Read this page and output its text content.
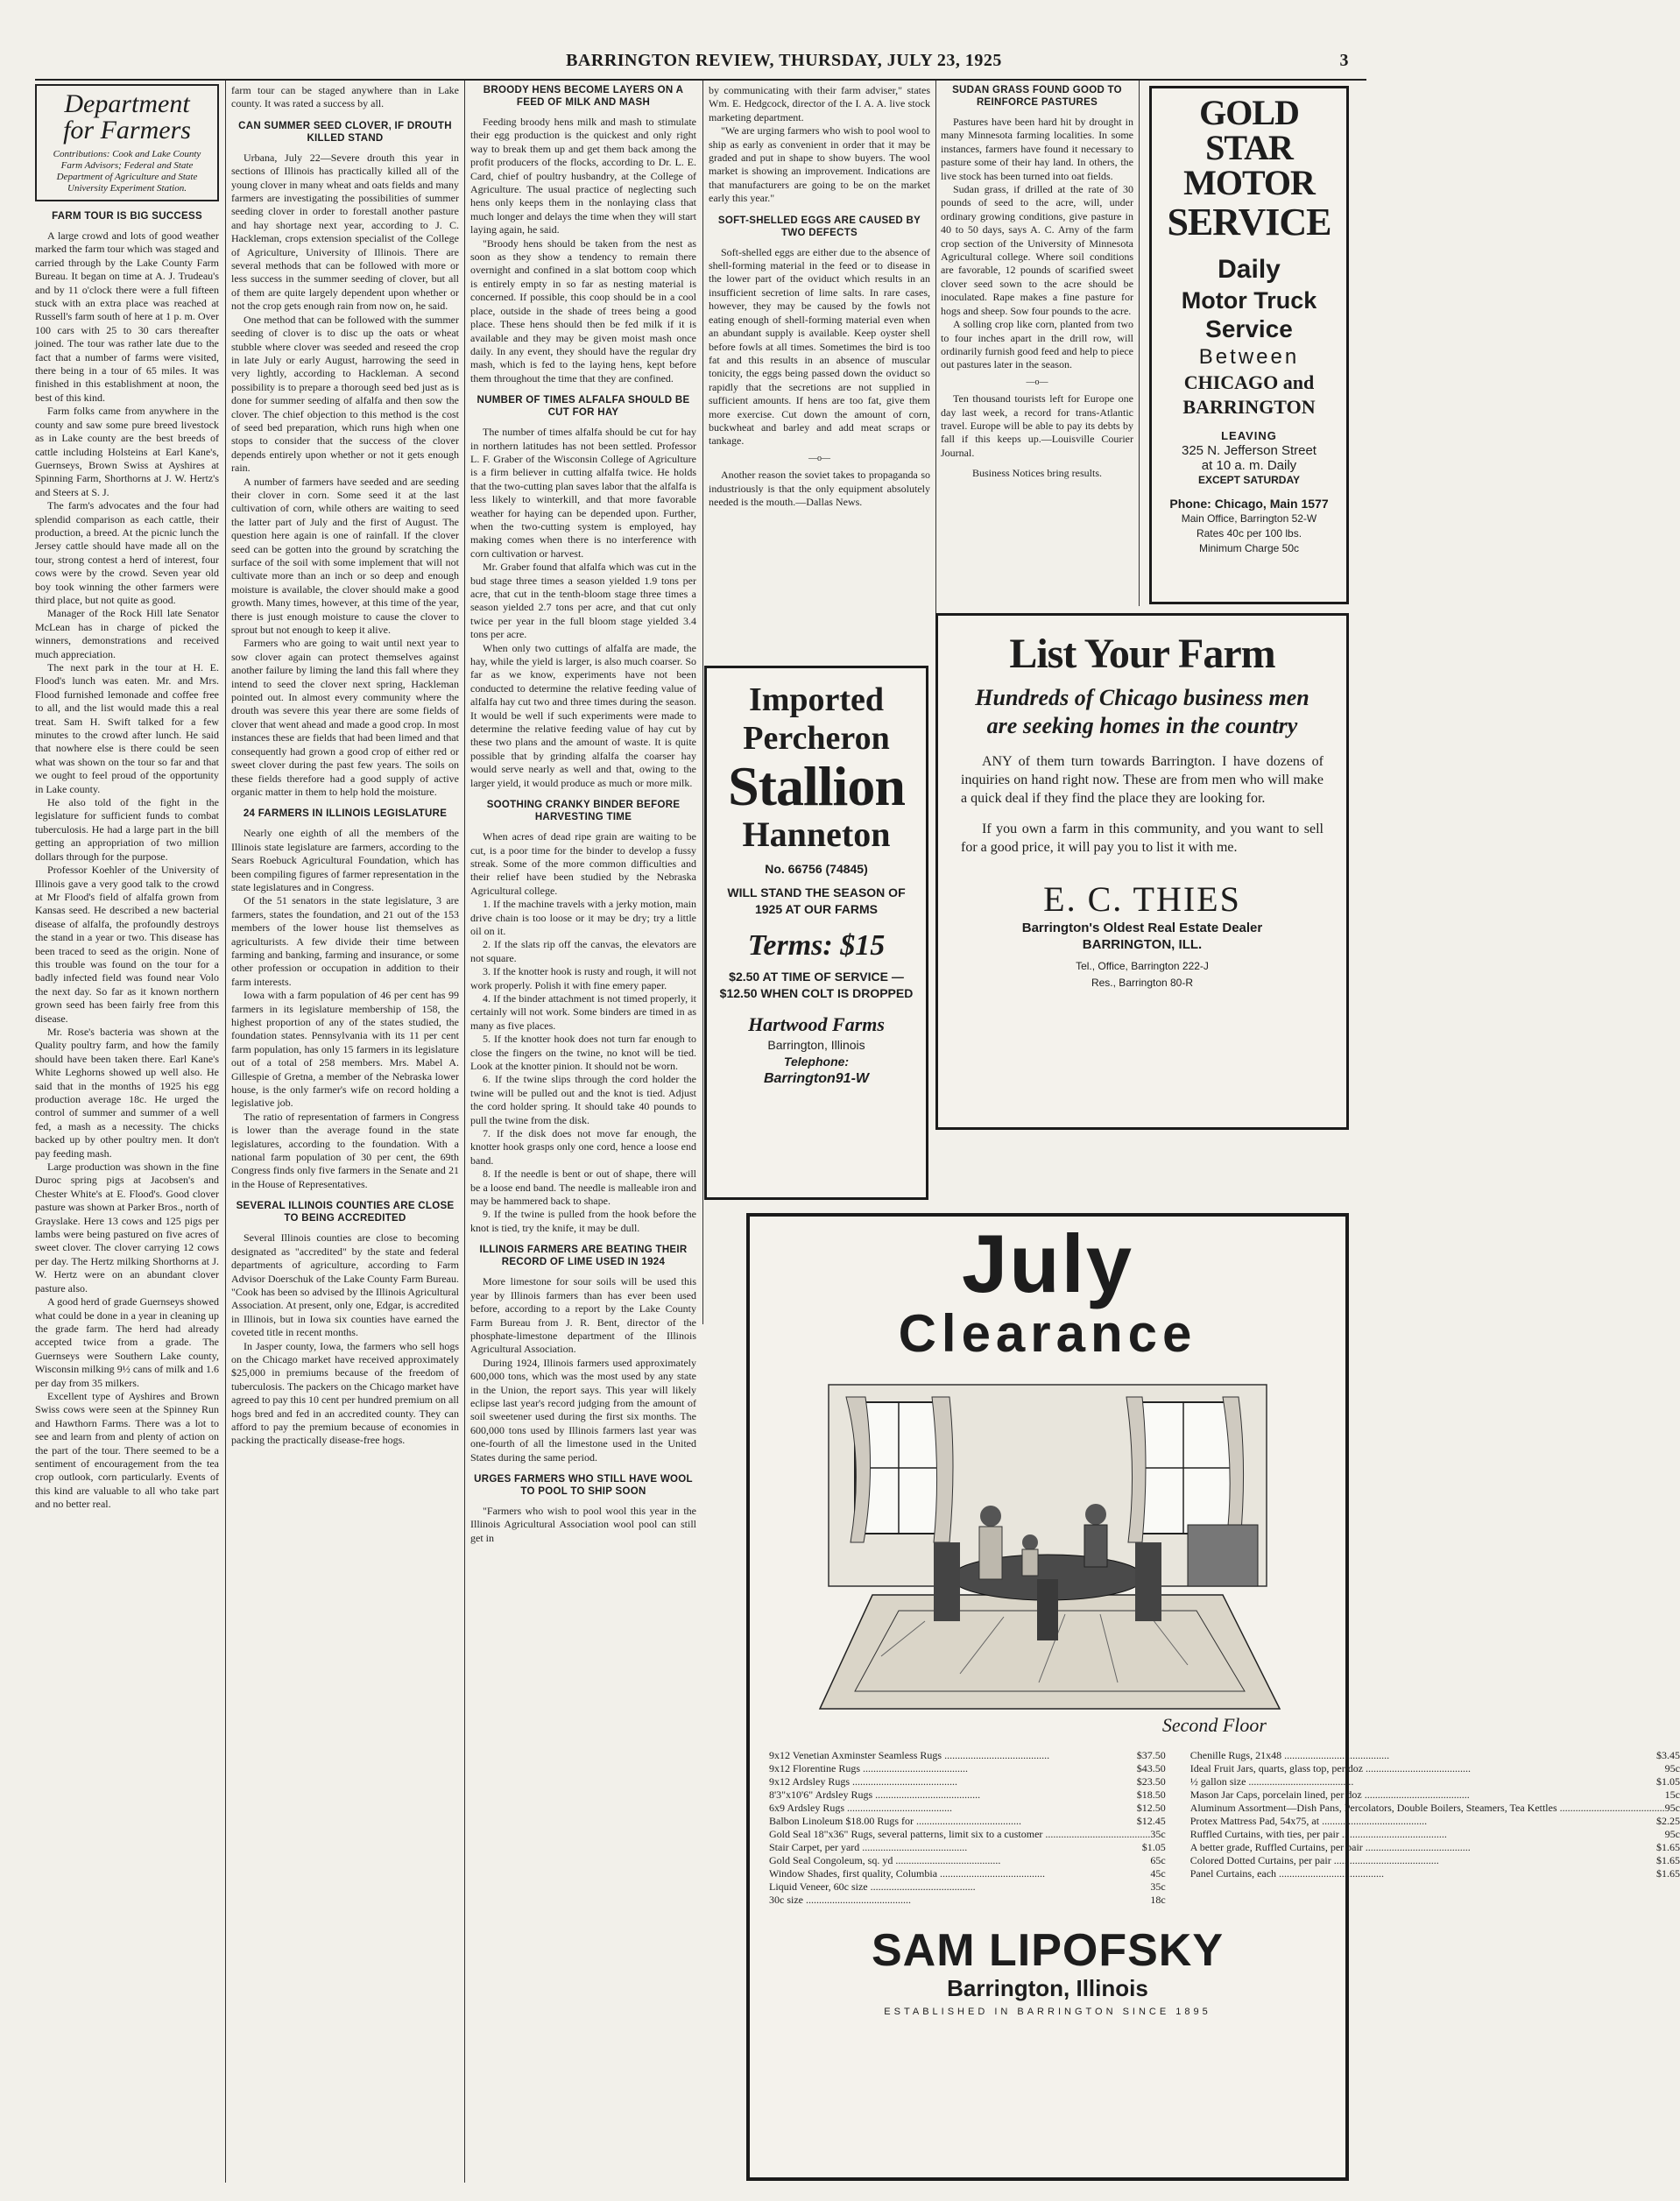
BARRINGTON REVIEW, THURSDAY, JULY 23, 1925	3
Department
for Farmers
Contributions: Cook and Lake County Farm Advisors; Federal and State Department of Agriculture and State University Experiment Station.
FARM TOUR IS BIG SUCCESS

A large crowd and lots of good weather marked the farm tour which was staged and carried through by the Lake County Farm Bureau. It began on time at A. J. Trudeau's and by 11 o'clock there were a full fifteen stuck with an extra place was reached at Russell's farm south of here at 1 p. m. Over 100 cars with 25 to 30 cars thereafter joined. The tour was rather late due to the fact that a number of farms were visited, there being in a tour of 65 miles. It was finished in this establishment at noon, the best of this kind.

Farm folks came from anywhere in the county and saw some pure breed livestock as in Lake county are the best breeds of cattle including Holsteins at Earl Kane's, Guernseys, Brown Swiss at Ayshires at Spinning Farm, Shorthorns at J. W. Hertz's and Steers at S. J.

The farm's advocates and the four had splendid comparison as each cattle, their production, a breed. At the picnic lunch the Jersey cattle should have made all on the tour, strong contest a herd of interest, four cows were by the crowd. Seven year old boy took winning the other farmers were third place, but not quite as good.

Manager of the Rock Hill late Senator McLean has in charge of picked the winners, demonstrations and received much appreciation.

The next park in the tour at H. E. Flood's lunch was eaten. Mr. and Mrs. Flood furnished lemonade and coffee free to all, and the list would made this a real treat. Sam H. Swift talked for a few minutes to the crowd after lunch. He said that nowhere else is there could be seen what was shown on the tour so far and that we ought to feel proud of the opportunity in Lake county.

He also told of the fight in the legislature for sufficient funds to combat tuberculosis. He had a large part in the bill getting an appropriation of two million dollars through for the purpose.

Professor Koehler of the University of Illinois gave a very good talk to the crowd at Mr Flood's field of alfalfa grown from Kansas seed. He described a new bacterial disease of alfalfa, the profoundly destroys the stand in a year or two. This disease has been traced to seed as the origin. None of this trouble was found on the tour for a badly infected field was found near Volo the next day. So far as it known northern grown seed has been fairly free from this disease.

Mr. Rose's bacteria was shown at the Quality poultry farm, and how the family should have been taken there. Earl Kane's White Leghorns showed up well also. He said that in the months of 1925 his egg production average 18c. He urged the control of summer and summer of a well fed, a mash as a necessity. The chicks backed up by other poultry men. It don't pay feeding mash.

Large production was shown in the fine Duroc spring pigs at Jacobsen's and Chester White's at E. Flood's. Good clover pasture was shown at Parker Bros., north of Grayslake. Here 13 cows and 125 pigs per lambs were being pastured on five acres of sweet clover. The clover carrying 12 cows per day. The Hertz milking Shorthorns at J. W. Hertz were on an abundant clover pasture also.

A good herd of grade Guernseys showed what could be done in a year in cleaning up the grade farm. The herd had already accepted twice from a grade. The Guernseys were Southern Lake county, Wisconsin milking 9½ cans of milk and 1.6 per day from 35 milkers.

Excellent type of Ayshires and Brown Swiss cows were seen at the Spinney Run and Hawthorn Farms. There was a lot to see and learn from and plenty of action on the part of the tour. There seemed to be a sentiment of encouragement from the tea crop outlook, corn particularly. Events of this kind are valuable to all who take part and no better real.

farm tour can be staged anywhere than in Lake county. It was rated a success by all.

CAN SUMMER SEED CLOVER, IF DROUTH KILLED STAND

Urbana, July 22—Severe drouth this year in sections of Illinois has practically killed all of the young clover in many wheat and oats fields and many farmers are investigating the possibilities of summer seeding clover in order to forestall another pasture and hay shortage next year, according to J. C. Hackleman, crops extension specialist of the College of Agriculture, University of Illinois. There are several methods that can be followed with more or less success in the summer seeding of clover, but all of them are quite largely dependent upon whether or not the crop gets enough rain from now on, he said.

One method that can be followed with the summer seeding of clover is to disc up the oats or wheat stubble where clover was seeded and reseed the crop in late July or early August, harrowing the seed in very lightly, according to Hackleman. A second possibility is to prepare a thorough seed bed just as is done for summer seeding of alfalfa and then sow the clover. The chief objection to this method is the cost of seed bed preparation, which runs high when one stops to consider that the success of the clover depends entirely upon whether or not it gets enough rain.

A number of farmers have seeded and are seeding their clover in corn. Some seed it at the last cultivation of corn, while others are waiting to seed the latter part of July and the first of August. The question here again is one of rainfall. If the clover seed can be gotten into the ground by scratching the surface of the soil with some implement that will not cultivate more than an inch or so deep and enough moisture is available, the clover should make a good growth. Many times, however, at this time of the year, there is just enough moisture to cause the clover to sprout but not enough to keep it alive.

Farmers who are going to wait until next year to sow clover again can protect themselves against another failure by liming the land this fall where they intend to seed the clover next spring, Hackleman pointed out. In almost every community where the drouth was severe this year there are some fields of clover that went ahead and made a good crop. In most instances these are fields that had been limed and that consequently had grown a good crop of either red or sweet clover during the past few years. The soils on these fields therefore had a good supply of active organic matter in them to help hold the moisture.

24 FARMERS IN ILLINOIS LEGISLATURE

Nearly one eighth of all the members of the Illinois state legislature are farmers, according to the Sears Roebuck Agricultural Foundation, which has been compiling figures of farmer representation in the state legislatures and in Congress.

Of the 51 senators in the state legislature, 3 are farmers, states the foundation, and 21 out of the 153 members of the lower house list themselves as agriculturists. A few divide their time between farming and banking, farming and insurance, or some other profession or occupation in addition to their farm interests.

Iowa with a farm population of 46 per cent has 99 farmers in its legislature membership of 158, the highest proportion of any of the states studied, the foundation states. Pennsylvania with its 11 per cent farm population, has only 15 farmers in its legislature out of a total of 258 members. Mrs. Mabel A. Gillespie of Gretna, a member of the Nebraska lower house, is the only farmer's wife on record holding a legislative job.

The ratio of representation of farmers in Congress is lower than the average found in the state legislatures, according to the foundation. With a national farm population of 30 per cent, the 69th Congress finds only five farmers in the Senate and 21 in the House of Representatives.

SEVERAL ILLINOIS COUNTIES ARE CLOSE TO BEING ACCREDITED

Several Illinois counties are close to becoming designated as "accredited" by the state and federal departments of agriculture, according to Farm Advisor Doerschuk of the Lake County Farm Bureau. "Cook has been so advised by the Illinois Agricultural Association. At present, only one, Edgar, is accredited in Illinois, but in Iowa six counties have earned the coveted title in recent months.

In Jasper county, Iowa, the farmers who sell hogs on the Chicago market have received approximately $25,000 in premiums because of the freedom of tuberculosis. The packers on the Chicago market have agreed to pay this 10 cent per hundred premium on all hogs bred and fed in an accredited county. They can afford to pay the premium because of economies in packing the practically disease-free hogs.

BROODY HENS BECOME LAYERS ON A FEED OF MILK AND MASH

Feeding broody hens milk and mash to stimulate their egg production is the quickest and only right way to break them up and get them back among the profit producers of the flocks, according to Dr. L. E. Card, chief of poultry husbandry, at the College of Agriculture. The usual practice of neglecting such hens only keeps them in the nonlaying class that much longer and delays the time when they will start laying again, he said.

"Broody hens should be taken from the nest as soon as they show a tendency to remain there overnight and confined in a slat bottom coop which is entirely empty in so far as nesting material is concerned. If possible, this coop should be in a cool place, outside in the shade of trees being a good place. These hens should then be fed milk if it is available and they may be given moist mash once daily. In any event, they should have the regular dry mash, which is fed to the laying hens, kept before them throughout the time that they are confined.

NUMBER OF TIMES ALFALFA SHOULD BE CUT FOR HAY

The number of times alfalfa should be cut for hay in northern latitudes has not been settled. Professor L. F. Graber of the Wisconsin College of Agriculture is a firm believer in cutting alfalfa twice. He holds that the two-cutting plan saves labor that the alfalfa is less likely to winterkill, and that more favorable weather for haying can be depended upon. Further, when the two-cutting system is employed, hay making comes when there is no interference with corn cultivation or harvest.

Mr. Graber found that alfalfa which was cut in the bud stage three times a season yielded 1.9 tons per acre, that cut in the tenth-bloom stage three times a season yielded 2.7 tons per acre, and that cut only twice per year in the full bloom stage yielded 3.4 tons per acre.

When only two cuttings of alfalfa are made, the hay, while the yield is larger, is also much coarser. So far as we know, experiments have not been conducted to determine the relative feeding value of alfalfa hay cut two and three times during the season. It would be well if such experiments were made to determine the relative feeding value of hay cut by these two plans and the amount of waste. It is quite possible that by grinding alfalfa the coarser hay would serve nearly as well and that, owing to the larger yield, it would produce as much or more milk.

SOOTHING CRANKY BINDER BEFORE HARVESTING TIME

When acres of dead ripe grain are waiting to be cut, is a poor time for the binder to develop a fussy streak. Some of the more common difficulties and their relief have been studied by the Nebraska Agricultural college.

1. If the machine travels with a jerky motion, main drive chain is too loose or it may be dry; try a little oil on it.

2. If the slats rip off the canvas, the elevators are not square.

3. If the knotter hook is rusty and rough, it will not work properly. Polish it with fine emery paper.

4. If the binder attachment is not timed properly, it certainly will not work. Some binders are timed in as many as five places.

5. If the knotter hook does not turn far enough to close the fingers on the twine, no knot will be tied. Look at the knotter pinion. It should not be worn.

6. If the twine slips through the cord holder the twine will be pulled out and the knot is tied. Adjust the cord holder spring. It should take 40 pounds to pull the twine from the disk.

7. If the disk does not move far enough, the knotter hook grasps only one cord, hence a loose end band.

8. If the needle is bent or out of shape, there will be a loose end band. The needle is malleable iron and may be hammered back to shape.

9. If the twine is pulled from the hook before the knot is tied, try the knife, it may be dull.

ILLINOIS FARMERS ARE BEATING THEIR RECORD OF LIME USED IN 1924

More limestone for sour soils will be used this year by Illinois farmers than has ever been used before, according to a report by the Lake County Farm Bureau from J. R. Bent, director of the phosphate-limestone department of the Illinois Agricultural Association.

During 1924, Illinois farmers used approximately 600,000 tons, which was the most used by any state in the Union, the report says. This year will likely eclipse last year's record judging from the amount of soil sweetener used during the first six months. The 600,000 tons used by Illinois farmers last year was one-fourth of all the limestone used in the United States during the same period.

URGES FARMERS WHO STILL HAVE WOOL TO POOL TO SHIP SOON

"Farmers who wish to pool wool this year in the Illinois Agricultural Association wool pool can still get in

by communicating with their farm adviser," states Wm. E. Hedgcock, director of the I. A. A. live stock marketing department.

"We are urging farmers who wish to pool wool to ship as early as convenient in order that it may be graded and put in shape to show buyers. The wool market is showing an improvement. Indications are that manufacturers are going to be on the market early this year."

SOFT-SHELLED EGGS ARE CAUSED BY TWO DEFECTS

Soft-shelled eggs are either due to the absence of shell-forming material in the feed or to disease in the lower part of the oviduct which results in an insufficient secretion of lime salts. In rare cases, however, they may be caused by the fowls not eating enough of shell-forming material even when an abundant supply is available. Keep oyster shell before fowls at all times. Sometimes the bird is too fat and this results in an absence of muscular tonicity, the eggs being passed down the oviduct so rapidly that the secretions are not supplied in sufficient amounts. If hens are too fat, give them more exercise. Cut down the amount of corn, buckwheat and barley and add meat scraps or tankage.

—o—

Another reason the soviet takes to propaganda so industriously is that the only equipment absolutely needed is the mouth.—Dallas News.

SUDAN GRASS FOUND GOOD TO REINFORCE PASTURES

Pastures have been hard hit by drought in many Minnesota farming localities. In some instances, farmers have found it necessary to pasture some of their hay land. In others, the live stock has been turned into oat fields.

Sudan grass, if drilled at the rate of 30 pounds of seed to the acre, will, under ordinary growing conditions, give pasture in 40 to 50 days, says A. C. Arny of the farm crop section of the University of Minnesota Agricultural college. Where soil conditions are favorable, 12 pounds of scarified sweet clover seed sown to the acre should be inoculated. Rape makes a fine pasture for hogs and sheep. Sow four pounds to the acre.

A solling crop like corn, planted from two to four inches apart in the drill row, will ordinarily furnish good feed and help to piece out pastures later in the season.

—o—

Ten thousand tourists left for Europe one day last week, a record for trans-Atlantic travel. Europe will be able to pay its debts by fall if this keeps up.—Louisville Courier Journal.

Business Notices bring results.

GOLD STAR
MOTOR
SERVICE
Daily
Motor Truck
Service
Between
CHICAGO and
BARRINGTON
LEAVING
325 N. Jefferson Street
at 10 a. m. Daily
EXCEPT SATURDAY
Phone: Chicago, Main 1577
Main Office, Barrington 52-W
Rates 40c per 100 lbs.
Minimum Charge 50c
Imported
Percheron
Stallion
Hanneton
No. 66756 (74845)
WILL STAND THE SEASON OF 1925 AT OUR FARMS
Terms: $15
$2.50 AT TIME OF SERVICE — $12.50 WHEN COLT IS DROPPED
Hartwood Farms
Barrington, Illinois
Telephone:
Barrington91-W
List Your Farm
Hundreds of Chicago business men are seeking homes in the country
ANY of them turn towards Barrington. I have dozens of inquiries on hand right now. These are from men who will make a quick deal if they find the place they are looking for.
If you own a farm in this community, and you want to sell for a good price, it will pay you to list it with me.
E. C. THIES
Barrington's Oldest Real Estate Dealer
BARRINGTON, ILL.
Tel., Office, Barrington 222-J
Res., Barrington 80-R
July
Clearance
Second Floor
9x12 Venetian Axminster Seamless Rugs ........................................	$37.50
9x12 Florentine Rugs ........................................	$43.50
9x12 Ardsley Rugs ........................................	$23.50
8'3"x10'6" Ardsley Rugs ........................................	$18.50
6x9 Ardsley Rugs ........................................	$12.50
Balbon Linoleum $18.00 Rugs for ........................................	$12.45
Gold Seal 18"x36" Rugs, several patterns, limit six to a customer ........................................ 35c
Stair Carpet, per yard ........................................	$1.05
Gold Seal Congoleum, sq. yd ........................................	65c
Window Shades, first quality, Columbia ........................................	45c
Liquid Veneer, 60c size ........................................	35c
30c size ........................................	18c
Chenille Rugs, 21x48 ........................................	$3.45
Ideal Fruit Jars, quarts, glass top, per doz ........................................	95c
½ gallon size ........................................	$1.05
Mason Jar Caps, porcelain lined, per doz ........................................	15c
Aluminum Assortment—Dish Pans, Percolators, Double Boilers, Steamers, Tea Kettles ........................................ 95c
Protex Mattress Pad, 54x75, at ........................................	$2.25
Ruffled Curtains, with ties, per pair ........................................	95c
A better grade, Ruffled Curtains, per pair ........................................	$1.65
Colored Dotted Curtains, per pair ........................................	$1.65
Panel Curtains, each ........................................	$1.65
SAM LIPOFSKY
Barrington, Illinois
ESTABLISHED IN BARRINGTON SINCE 1895
